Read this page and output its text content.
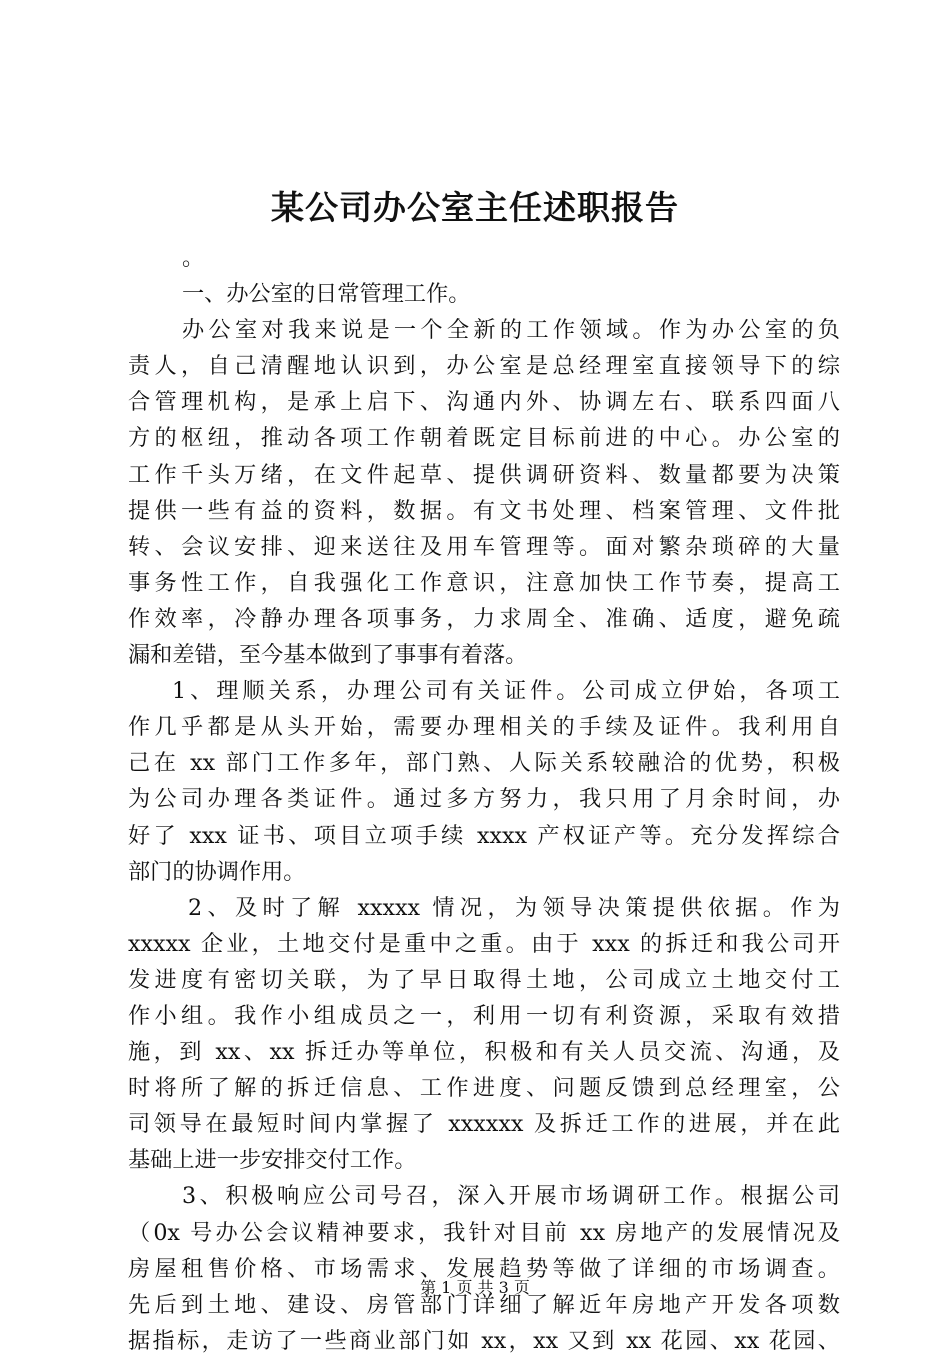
某公司办公室主任述职报告
。
一、办公室的日常管理工作。
办公室对我来说是一个全新的工作领域。作为办公室的负
责人，自己清醒地认识到，办公室是总经理室直接领导下的综
合管理机构，是承上启下、沟通内外、协调左右、联系四面八
方的枢纽，推动各项工作朝着既定目标前进的中心。办公室的
工作千头万绪，在文件起草、提供调研资料、数量都要为决策
提供一些有益的资料，数据。有文书处理、档案管理、文件批
转、会议安排、迎来送往及用车管理等。面对繁杂琐碎的大量
事务性工作，自我强化工作意识，注意加快工作节奏，提高工
作效率，冷静办理各项事务，力求周全、准确、适度，避免疏
漏和差错，至今基本做到了事事有着落。
1、理顺关系，办理公司有关证件。公司成立伊始，各项工
作几乎都是从头开始，需要办理相关的手续及证件。我利用自
己在 xx 部门工作多年，部门熟、人际关系较融洽的优势，积极
为公司办理各类证件。通过多方努力，我只用了月余时间，办
好了 xxx 证书、项目立项手续 xxxx 产权证产等。充分发挥综合
部门的协调作用。
2、及时了解 xxxxx 情况，为领导决策提供依据。作为
xxxxx 企业，土地交付是重中之重。由于 xxx 的拆迁和我公司开
发进度有密切关联，为了早日取得土地，公司成立土地交付工
作小组。我作小组成员之一，利用一切有利资源，采取有效措
施，到 xx、xx 拆迁办等单位，积极和有关人员交流、沟通，及
时将所了解的拆迁信息、工作进度、问题反馈到总经理室，公
司领导在最短时间内掌握了 xxxxxx 及拆迁工作的进展，并在此
基础上进一步安排交付工作。
3、积极响应公司号召，深入开展市场调研工作。根据公司
（0x 号办公会议精神要求，我针对目前 xx 房地产的发展情况及
房屋租售价格、市场需求、发展趋势等做了详细的市场调查。
先后到土地、建设、房管部门详细了解近年房地产开发各项数
据指标，走访了一些商业部门如 xx，xx 又到 xx 花园、xx 花园、
第 1 页 共 3 页
